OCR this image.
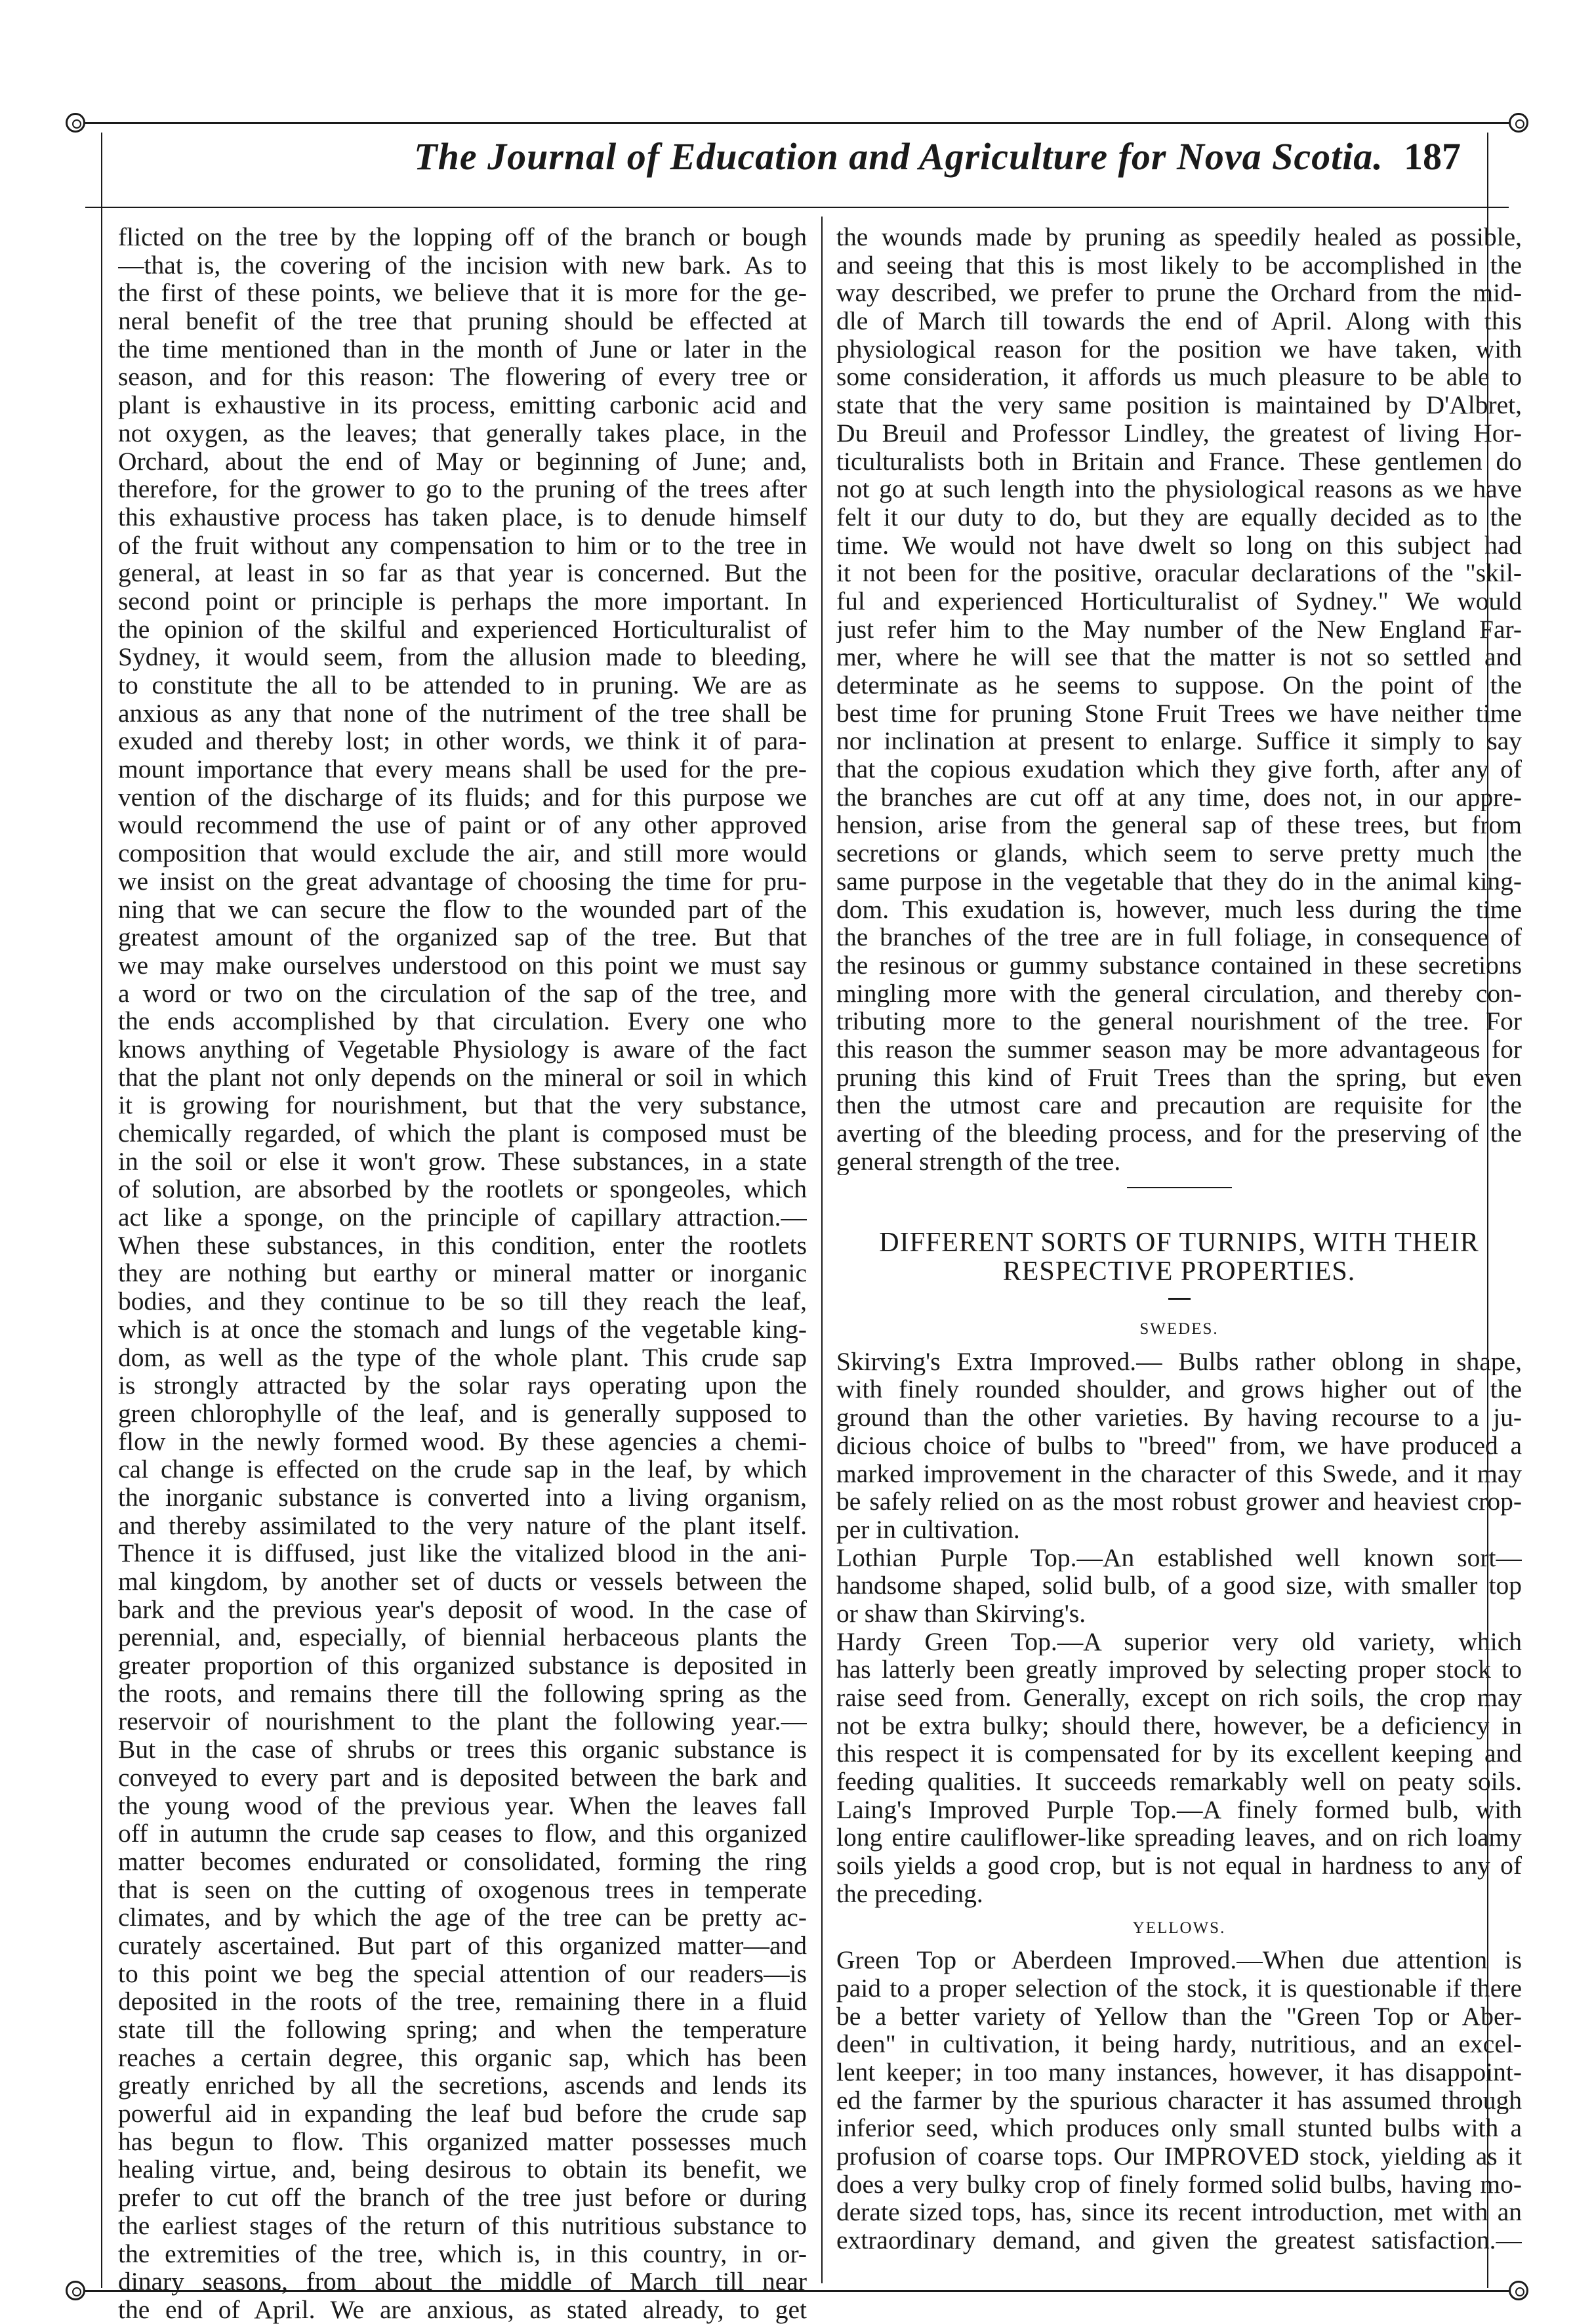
The Journal of Education and Agriculture for Nova Scotia. 187
flicted on the tree by the lopping off of the branch or bough
—that is, the covering of the incision with new bark. As to
the first of these points, we believe that it is more for the ge-
neral benefit of the tree that pruning should be effected at
the time mentioned than in the month of June or later in the
season, and for this reason: The flowering of every tree or
plant is exhaustive in its process, emitting carbonic acid and
not oxygen, as the leaves; that generally takes place, in the
Orchard, about the end of May or beginning of June; and,
therefore, for the grower to go to the pruning of the trees after
this exhaustive process has taken place, is to denude himself
of the fruit without any compensation to him or to the tree in
general, at least in so far as that year is concerned. But the
second point or principle is perhaps the more important. In
the opinion of the skilful and experienced Horticulturalist of
Sydney, it would seem, from the allusion made to bleeding,
to constitute the all to be attended to in pruning. We are as
anxious as any that none of the nutriment of the tree shall be
exuded and thereby lost; in other words, we think it of para-
mount importance that every means shall be used for the pre-
vention of the discharge of its fluids; and for this purpose we
would recommend the use of paint or of any other approved
composition that would exclude the air, and still more would
we insist on the great advantage of choosing the time for pru-
ning that we can secure the flow to the wounded part of the
greatest amount of the organized sap of the tree. But that
we may make ourselves understood on this point we must say
a word or two on the circulation of the sap of the tree, and
the ends accomplished by that circulation. Every one who
knows anything of Vegetable Physiology is aware of the fact
that the plant not only depends on the mineral or soil in which
it is growing for nourishment, but that the very substance,
chemically regarded, of which the plant is composed must be
in the soil or else it won't grow. These substances, in a state
of solution, are absorbed by the rootlets or spongeoles, which
act like a sponge, on the principle of capillary attraction.—
When these substances, in this condition, enter the rootlets
they are nothing but earthy or mineral matter or inorganic
bodies, and they continue to be so till they reach the leaf,
which is at once the stomach and lungs of the vegetable king-
dom, as well as the type of the whole plant. This crude sap
is strongly attracted by the solar rays operating upon the
green chlorophylle of the leaf, and is generally supposed to
flow in the newly formed wood. By these agencies a chemi-
cal change is effected on the crude sap in the leaf, by which
the inorganic substance is converted into a living organism,
and thereby assimilated to the very nature of the plant itself.
Thence it is diffused, just like the vitalized blood in the ani-
mal kingdom, by another set of ducts or vessels between the
bark and the previous year's deposit of wood. In the case of
perennial, and, especially, of biennial herbaceous plants the
greater proportion of this organized substance is deposited in
the roots, and remains there till the following spring as the
reservoir of nourishment to the plant the following year.—
But in the case of shrubs or trees this organic substance is
conveyed to every part and is deposited between the bark and
the young wood of the previous year. When the leaves fall
off in autumn the crude sap ceases to flow, and this organized
matter becomes endurated or consolidated, forming the ring
that is seen on the cutting of oxogenous trees in temperate
climates, and by which the age of the tree can be pretty ac-
curately ascertained. But part of this organized matter—and
to this point we beg the special attention of our readers—is
deposited in the roots of the tree, remaining there in a fluid
state till the following spring; and when the temperature
reaches a certain degree, this organic sap, which has been
greatly enriched by all the secretions, ascends and lends its
powerful aid in expanding the leaf bud before the crude sap
has begun to flow. This organized matter possesses much
healing virtue, and, being desirous to obtain its benefit, we
prefer to cut off the branch of the tree just before or during
the earliest stages of the return of this nutritious substance to
the extremities of the tree, which is, in this country, in or-
dinary seasons, from about the middle of March till near
the end of April. We are anxious, as stated already, to get
the wounds made by pruning as speedily healed as possible,
and seeing that this is most likely to be accomplished in the
way described, we prefer to prune the Orchard from the mid-
dle of March till towards the end of April. Along with this
physiological reason for the position we have taken, with
some consideration, it affords us much pleasure to be able to
state that the very same position is maintained by D'Albret,
Du Breuil and Professor Lindley, the greatest of living Hor-
ticulturalists both in Britain and France. These gentlemen do
not go at such length into the physiological reasons as we have
felt it our duty to do, but they are equally decided as to the
time. We would not have dwelt so long on this subject had
it not been for the positive, oracular declarations of the "skil-
ful and experienced Horticulturalist of Sydney." We would
just refer him to the May number of the New England Far-
mer, where he will see that the matter is not so settled and
determinate as he seems to suppose. On the point of the
best time for pruning Stone Fruit Trees we have neither time
nor inclination at present to enlarge. Suffice it simply to say
that the copious exudation which they give forth, after any of
the branches are cut off at any time, does not, in our appre-
hension, arise from the general sap of these trees, but from
secretions or glands, which seem to serve pretty much the
same purpose in the vegetable that they do in the animal king-
dom. This exudation is, however, much less during the time
the branches of the tree are in full foliage, in consequence of
the resinous or gummy substance contained in these secretions
mingling more with the general circulation, and thereby con-
tributing more to the general nourishment of the tree. For
this reason the summer season may be more advantageous for
pruning this kind of Fruit Trees than the spring, but even
then the utmost care and precaution are requisite for the
averting of the bleeding process, and for the preserving of the
general strength of the tree.
DIFFERENT SORTS OF TURNIPS, WITH THEIR
RESPECTIVE PROPERTIES.
SWEDES.
Skirving's Extra Improved.— Bulbs rather oblong in shape,
with finely rounded shoulder, and grows higher out of the
ground than the other varieties. By having recourse to a ju-
dicious choice of bulbs to "breed" from, we have produced a
marked improvement in the character of this Swede, and it may
be safely relied on as the most robust grower and heaviest crop-
per in cultivation.
Lothian Purple Top.—An established well known sort—
handsome shaped, solid bulb, of a good size, with smaller top
or shaw than Skirving's.
Hardy Green Top.—A superior very old variety, which
has latterly been greatly improved by selecting proper stock to
raise seed from. Generally, except on rich soils, the crop may
not be extra bulky; should there, however, be a deficiency in
this respect it is compensated for by its excellent keeping and
feeding qualities. It succeeds remarkably well on peaty soils.
Laing's Improved Purple Top.—A finely formed bulb, with
long entire cauliflower-like spreading leaves, and on rich loamy
soils yields a good crop, but is not equal in hardness to any of
the preceding.
YELLOWS.
Green Top or Aberdeen Improved.—When due attention is
paid to a proper selection of the stock, it is questionable if there
be a better variety of Yellow than the "Green Top or Aber-
deen" in cultivation, it being hardy, nutritious, and an excel-
lent keeper; in too many instances, however, it has disappoint-
ed the farmer by the spurious character it has assumed through
inferior seed, which produces only small stunted bulbs with a
profusion of coarse tops. Our IMPROVED stock, yielding as it
does a very bulky crop of finely formed solid bulbs, having mo-
derate sized tops, has, since its recent introduction, met with an
extraordinary demand, and given the greatest satisfaction.—
